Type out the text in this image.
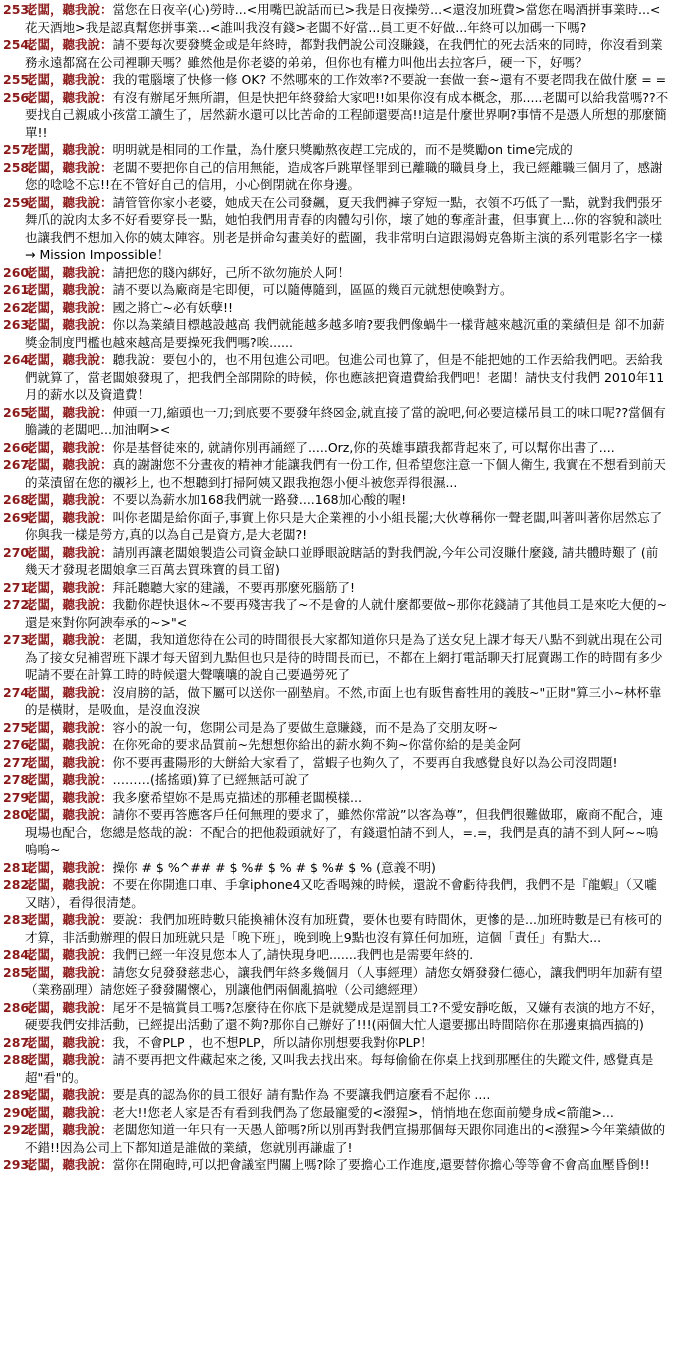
253.
老闆，聽我說：當您在日夜辛(心)勞時...<用嘴巴說話而已>我是日夜操勞...<還沒加班費>當您在喝酒拼事業時...<花天酒地>我是認真幫您拼事業...<誰叫我沒有錢>老闆不好當...員工更不好做...年終可以加碼一下嗎?
254.
老闆，聽我說：請不要每次要發獎金或是年終時，都對我們說公司沒賺錢，在我們忙的死去活來的同時，你沒看到業務永遠都窩在公司裡聊天嗎？雖然他是你老婆的弟弟，但你也有權力叫他出去拉客戶，硬一下，好嗎？
255.
老闆，聽我說：我的電腦壞了快修一修 OK? 不然哪來的工作效率?不要說一套做一套~還有不要老問我在做什麼 = =
256.
老闆，聽我說：有沒有辦尾牙無所謂，但是快把年終發給大家吧!!如果你沒有成本概念，那.....老闆可以給我當嗎??不要找自己親戚小孩當工讀生了，居然薪水還可以比苦命的工程師還要高!!這是什麼世界啊?事情不是憑人所想的那麼簡單!!
257.
老闆，聽我說：明明就是相同的工作量，為什麼只獎勵熬夜趕工完成的，而不是獎勵on time完成的
258.
老闆，聽我說：老闆不要把你自己的信用無能，造成客戶跳單怪罪到已離職的職員身上，我已經離職三個月了，感謝您的唸唸不忘!!在不管好自己的信用，小心倒閉就在你身邊。
259.
老闆，聽我說：請管管你家小老婆，她成天在公司發飆，夏天我們褲子穿短一點，衣領不巧低了一點，就對我們張牙舞爪的說肉太多不好看要穿長一點，她怕我們用青春的肉體勾引你，壞了她的奪產計畫，但事實上...你的容貌和談吐也讓我們不想加入你的姨太陣容。別老是拼命勾畫美好的藍圖，我非常明白這跟湯姆克魯斯主演的系列電影名字一樣→ Mission Impossible！
260.
老闆，聽我說：請把您的賤內綁好，己所不欲勿施於人阿！
261.
老闆，聽我說：請不要以為廠商是宅即便，可以隨傳隨到，區區的幾百元就想使喚對方。
262.
老闆，聽我說：國之將亡~必有妖孽!!
263.
老闆，聽我說：你以為業績目標越設越高 我們就能越多越多唷?要我們像蝸牛一樣背越來越沉重的業績但是 卻不加薪 獎金制度門檻也越來越高是要操死我們嗎?唉......
264.
老闆，聽我說：聽我說：要包小的，也不用包進公司吧。包進公司也算了，但是不能把她的工作丟給我們吧。丟給我們就算了，當老闆娘發現了，把我們全部開除的時候，你也應該把資遣費給我們吧！老闆！請快支付我們 2010年11月的薪水以及資遣費！
265.
老闆，聽我說：伸頭一刀,縮頭也一刀;到底要不要發年終☒金,就直接了當的說吧,何必要這樣吊員工的味口呢??當個有膽識的老闆吧...加油啊><
266.
老闆，聽我說：你是基督徒來的, 就請你別再誦經了.....Orz,你的英雄事蹟我都背起來了, 可以幫你出書了....
267.
老闆，聽我說：真的謝謝您不分晝夜的精神才能讓我們有一份工作, 但希望您注意一下個人衛生, 我實在不想看到前天的菜漬留在您的襯衫上, 也不想聽到打掃阿姨又跟我抱怨小便斗被您弄得很濕...
268.
老闆，聽我說：不要以為薪水加168我們就一路發....168加心酸的喔!
269.
老闆，聽我說：叫你老闆是給你面子,事實上你只是大企業裡的小小組長罷;大伙尊稱你一聲老闆,叫著叫著你居然忘了你與我一樣是勞方,真的以為自己是資方,是大老闆?!
270.
老闆，聽我說：請別再讓老闆娘製造公司資金缺口並睜眼說瞎話的對我們說,今年公司沒賺什麼錢, 請共體時艱了 (前幾天才發現老闆娘拿三百萬去買珠寶的員工留)
271.
老闆，聽我說：拜託聽聽大家的建議，不要再那麼死腦筋了!
272.
老闆，聽我說：我勸你趕快退休~不要再殘害我了~不是會的人就什麼都要做~那你花錢請了其他員工是來吃大便的~還是來對你阿諛奉承的~>"<
273.
老闆，聽我說：老闆，我知道您待在公司的時間很長大家都知道你只是為了送女兒上課才每天八點不到就出現在公司為了接女兒補習班下課才每天留到九點但也只是待的時間長而已，不都在上網打電話聊天打屁賣踢工作的時間有多少呢請不要在計算工時的時候還大聲嚷嚷的說自己要過勞死了
274.
老闆，聽我說：沒肩膀的話，做下屬可以送你一副墊肩。不然,市面上也有販售畜牲用的義肢~"正財"算三小~林杯靠的是橫財，是吸血，是沒血沒淚
275.
老闆，聽我說：容小的說一句，您開公司是為了要做生意賺錢，而不是為了交朋友呀~
276.
老闆，聽我說：在你死命的要求品質前~先想想你給出的薪水夠不夠~你當你給的是美金阿
277.
老闆，聽我說：你不要再畫陽形的大餅給大家看了，當蝦子也夠久了，不要再自我感覺良好以為公司沒問題!
278.
老闆，聽我說：………(搖搖頭)算了已經無話可說了
279.
老闆，聽我說：我多麼希望妳不是馬克描述的那種老闆模樣...
280.
老闆，聽我說：請你不要再答應客戶任何無理的要求了，雖然你常說”以客為尊”，但我們很難做耶，廠商不配合，連現場也配合，您總是悠哉的說：不配合的把他殺頭就好了，有錢還怕請不到人，=.=，我們是真的請不到人阿~~嗚嗚嗚~
281.
老闆，聽我說：操你 # $ %^## # $ %# $ % # $ %# $ % (意義不明)
282.
老闆，聽我說：不要在你開進口車、手拿iphone4又吃香喝辣的時候，還說不會虧待我們，我們不是『龍蝦』（又嚨又瞎），看得很清楚。
283.
老闆，聽我說：要說：我們加班時數只能換補休沒有加班費，要休也要有時間休，更慘的是...加班時數是已有核可的才算，非活動辦理的假日加班就只是「晚下班」，晚到晚上9點也沒有算任何加班，這個「責任」有點大...
284.
老闆，聽我說：我們已經一年沒見您本人了,請快現身吧.......我們也是需要年終的.
285.
老闆，聽我說：請您女兒發發慈悲心，讓我們年終多幾個月（人事經理）請您女婿發發仁德心，讓我們明年加薪有望（業務副理）請您姪子發發關懷心，別讓他們兩個亂搞啦（公司總經理）
286.
老闆，聽我說：尾牙不是犒賞員工嗎?怎麼待在你底下是就變成是逞罰員工?不愛安靜吃飯，又嫌有表演的地方不好，硬要我們安排活動，已經提出活動了還不夠?那你自己辦好了!!!(兩個大忙人還要挪出時間陪你在那邊東搞西搞的)
287.
老闆，聽我說：我，不會PLP ，也不想PLP，所以請你別想要我對你PLP！
288.
老闆，聽我說：請不要再把文件藏起來之後, 又叫我去找出來。每每偷偷在你桌上找到那壓住的失蹤文件, 感覺真是超"看"的。
289.
老闆，聽我說：要是真的認為你的員工很好 請有點作為 不要讓我們這麼看不起你 ....
290.
老闆，聽我說：老大!!您老人家是否有看到我們為了您最寵愛的<潑猩>，悄悄地在您面前變身成<箭龍>...
292.
老闆，聽我說：老闆您知道一年只有一天愚人節嗎?所以別再對我們宣揚那個每天跟你同進出的<潑猩>今年業績做的不錯!!因為公司上下都知道是誰做的業績，您就別再謙虛了!
293.
老闆，聽我說：當你在開砲時,可以把會議室門關上嗎?除了要擔心工作進度,還要替你擔心等等會不會高血壓昏倒!!
